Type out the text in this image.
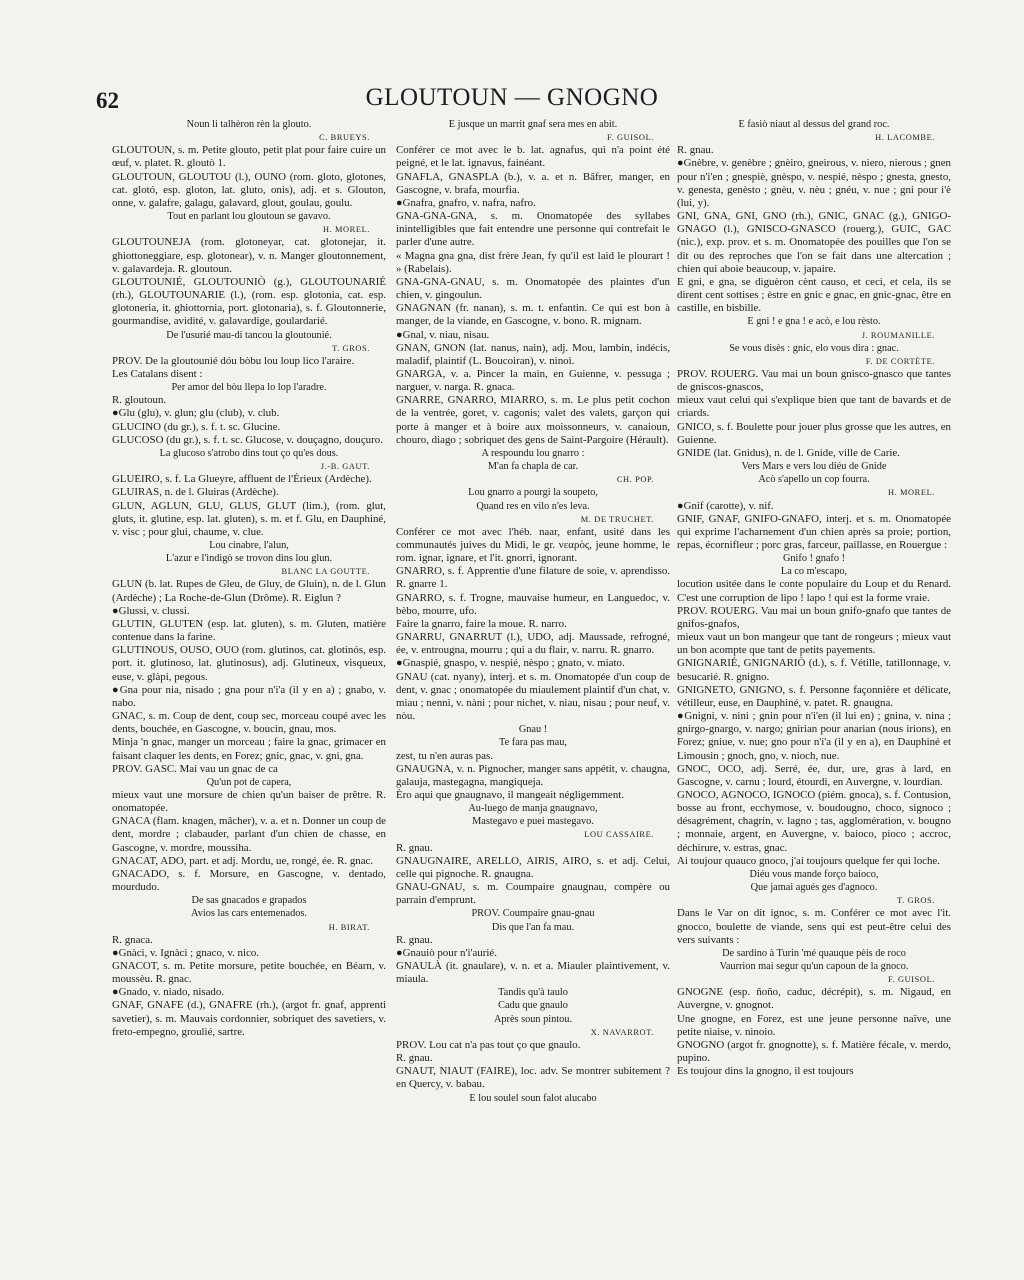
62	GLOUTOUN — GNOGNO

Noun li talhèron rèn la glouto.

C. BRUEYS.

GLOUTOUN, s. m. Petite glouto, petit plat pour faire cuire un œuf, v. platet. R. gloutò 1.

GLOUTOUN, GLOUTOU (l.), OUNO (rom. gloto, glotones, cat. glotó, esp. gloton, lat. gluto, onis), adj. et s. Glouton, onne, v. galafre, galagu, galavard, glout, goulau, goulu.

Tout en parlant lou gloutoun se gavavo.

H. MOREL.

GLOUTOUNEJA (rom. glotoneyar, cat. glotonejar, it. ghiottoneggiare, esp. glotonear), v. n. Manger gloutonnement, v. galavardeja. R. gloutoun.

GLOUTOUNIÉ, GLOUTOUNIÒ (g.), GLOUTOUNARIÉ (rh.), GLOUTOUNARIE (l.), (rom. esp. glotonia, cat. esp. glotoneria, it. ghiottornia, port. glotonaria), s. f. Gloutonnerie, gourmandise, avidité, v. galavardige, goulardarié.

De l'usurié mau-di tancou la gloutounié.

T. GROS.

PROV. De la gloutounié dóu bòbu lou loup lico l'araire.

Les Catalans disent :

Per amor del bòu llepa lo lop l'aradre.

R. gloutoun.

●Glu (glu), v. glun; glu (club), v. club.

GLUCINO (du gr.), s. f. t. sc. Glucine.

GLUCOSO (du gr.), s. f. t. sc. Glucose, v. douçagno, douçuro.

La glucoso s'atrobo dins tout ço qu'es dous.

J.-B. GAUT.

GLUEIRO, s. f. La Glueyre, affluent de l'Érieux (Ardèche).

GLUIRAS, n. de l. Gluiras (Ardèche).

GLUN, AGLUN, GLU, GLUS, GLUT (lim.), (rom. glut, gluts, it. glutine, esp. lat. gluten), s. m. et f. Glu, en Dauphiné, v. visc ; pour glui, chaume, v. clue.

Lou cinabre, l'alun,

L'azur e l'indigò se trovon dins lou glun.

BLANC LA GOUTTE.

GLUN (b. lat. Rupes de Gleu, de Gluy, de Gluin), n. de l. Glun (Ardèche) ; La Roche-de-Glun (Drôme). R. Eiglun ?

●Glussi, v. clussi.

GLUTIN, GLUTEN (esp. lat. gluten), s. m. Gluten, matière contenue dans la farine.

GLUTINOUS, OUSO, OUO (rom. glutinos, cat. glotinós, esp. port. it. glutinoso, lat. glutinosus), adj. Glutineux, visqueux, euse, v. glàpi, pegous.

●Gna pour nia, nisado ; gna pour n'i'a (il y en a) ; gnabo, v. nabo.

GNAC, s. m. Coup de dent, coup sec, morceau coupé avec les dents, bouchée, en Gascogne, v. boucin, gnau, mos.

Minja 'n gnac, manger un morceau ; faire la gnac, grimacer en faisant claquer les dents, en Forez; gnic, gnac, v. gni, gna.

PROV. GASC. Mai vau un gnac de ca

Qu'un pot de capera,

mieux vaut une morsure de chien qu'un baiser de prêtre. R. onomatopée.

GNACA (flam. knagen, mâcher), v. a. et n. Donner un coup de dent, mordre ; clabauder, parlant d'un chien de chasse, en Gascogne, v. mordre, moussiha.

GNACAT, ADO, part. et adj. Mordu, ue, rongé, ée. R. gnac.

GNACADO, s. f. Morsure, en Gascogne, v. dentado, mourdudo.

De sas gnacados e grapados

Avios las cars entemenados.

H. BIRAT.

R. gnaca.

●Gnàci, v. Ignàci ; gnaco, v. nico.

GNACOT, s. m. Petite morsure, petite bouchée, en Béarn, v. moussèu. R. gnac.

●Gnado, v. niado, nisado.

GNAF, GNAFE (d.), GNAFRE (rh.), (argot fr. gnaf, apprenti savetier), s. m. Mauvais cordonnier, sobriquet des savetiers, v. freto-empegno, groulié, sartre.

E jusque un marrit gnaf sera mes en abit.

F. GUISOL.

Conférer ce mot avec le b. lat. agnafus, qui n'a point été peigné, et le lat. ignavus, fainéant.

GNAFLA, GNASPLA (b.), v. a. et n. Bâfrer, manger, en Gascogne, v. brafa, mourfia.

●Gnafra, gnafro, v. nafra, nafro.

GNA-GNA-GNA, s. m. Onomatopée des syllabes inintelligibles que fait entendre une personne qui contrefait le parler d'une autre.

« Magna gna gna, dist frère Jean, fy qu'il est laid le plourart ! » (Rabelais).

GNA-GNA-GNAU, s. m. Onomatopée des plaintes d'un chien, v. gingoulun.

GNAGNAN (fr. nanan), s. m. t. enfantin. Ce qui est bon à manger, de la viande, en Gascogne, v. bono. R. mignam.

●Gnal, v. niau, nisau.

GNAN, GNON (lat. nanus, nain), adj. Mou, lambin, indécis, maladif, plaintif (L. Boucoiran), v. ninoi.

GNARGA, v. a. Pincer la main, en Guienne, v. pessuga ; narguer, v. narga. R. gnaca.

GNARRE, GNARRO, MIARRO, s. m. Le plus petit cochon de la ventrée, goret, v. cagonis; valet des valets, garçon qui porte à manger et à boire aux moissonneurs, v. canaioun, chouro, diago ; sobriquet des gens de Saint-Pargoire (Hérault).

A respoundu lou gnarro :

M'an fa chapla de car.

CH. POP.

Lou gnarro a pourgi la soupeto,

Quand res en vilo n'es leva.

M. DE TRUCHET.

Conférer ce mot avec l'héb. naar, enfant, usité dans les communautés juives du Midi, le gr. νεαρὸς, jeune homme, le rom. ignar, ignare, et l'it. gnorri, ignorant.

GNARRO, s. f. Apprentie d'une filature de soie, v. aprendisso. R. gnarre 1.

GNARRO, s. f. Trogne, mauvaise humeur, en Languedoc, v. bèbo, mourre, ufo.

Faire la gnarro, faire la moue. R. narro.

GNARRU, GNARRUT (l.), UDO, adj. Maussade, refrogné, ée, v. entrougna, mourru ; qui a du flair, v. narru. R. gnarro.

●Gnaspié, gnaspo, v. nespié, nèspo ; gnato, v. miato.

GNAU (cat. nyany), interj. et s. m. Onomatopée d'un coup de dent, v. gnac ; onomatopée du miaulement plaintif d'un chat, v. miau ; nenni, v. nàni ; pour nichet, v. niau, nisau ; pour neuf, v. nòu.

Gnau !

Te fara pas mau,

zest, tu n'en auras pas.

GNAUGNA, v. n. Pignocher, manger sans appétit, v. chaugna, galauja, mastegagna, mangiqueja.

Èro aqui que gnaugnavo, il mangeait négligemment.

Au-luego de manja gnaugnavo,

Mastegavo e puei mastegavo.

LOU CASSAIRE.

R. gnau.

GNAUGNAIRE, ARELLO, AIRIS, AIRO, s. et adj. Celui, celle qui pignoche. R. gnaugna.

GNAU-GNAU, s. m. Coumpaire gnaugnau, compère ou parrain d'emprunt.

PROV. Coumpaire gnau-gnau

Dis que l'an fa mau.

R. gnau.

●Gnauiò pour n'i'aurié.

GNAULÀ (it. gnaulare), v. n. et a. Miauler plaintivement, v. miaula.

Tandis qu'à taulo

Cadu que gnaulo

Après soun pintou.

X. NAVARROT.

PROV. Lou cat n'a pas tout ço que gnaulo.

R. gnau.

GNAUT, NIAUT (FAIRE), loc. adv. Se montrer subitement ? en Quercy, v. babau.

E lou soulel soun falot alucabo

E fasiò niaut al dessus del grand roc.

H. LACOMBE.

R. gnau.

●Gnèbre, v. genèbre ; gnèiro, gneirous, v. niero, nierous ; gnen pour n'i'en ; gnespiè, gnèspo, v. nespié, nèspo ; gnesta, gnesto, v. genesta, genèsto ; gnèu, v. nèu ; gnéu, v. nue ; gni pour i'è (lui, y).

GNI, GNA, GNI, GNO (rh.), GNIC, GNAC (g.), GNIGO-GNAGO (l.), GNISCO-GNASCO (rouerg.), GUIC, GAC (nic.), exp. prov. et s. m. Onomatopée des pouilles que l'on se dit ou des reproches que l'on se fait dans une altercation ; chien qui aboie beaucoup, v. japaire.

E gni, e gna, se diguèron cènt causo, et ceci, et cela, ils se dirent cent sottises ; èstre en gnic e gnac, en gnic-gnac, être en castille, en bisbille.

E gni ! e gna ! e acò, e lou rèsto.

J. ROUMANILLE.

Se vous disès : gnic, elo vous dira : gnac.

F. DE CORTÈTE.

PROV. ROUERG. Vau mai un boun gnisco-gnasco que tantes de gniscos-gnascos,

mieux vaut celui qui s'explique bien que tant de bavards et de criards.

GNICO, s. f. Boulette pour jouer plus grosse que les autres, en Guienne.

GNIDE (lat. Gnidus), n. de l. Gnide, ville de Carie.

Vers Mars e vers lou diéu de Gnide

Acò s'apello un cop fourra.

H. MOREL.

●Gnif (carotte), v. nif.

GNIF, GNAF, GNIFO-GNAFO, interj. et s. m. Onomatopée qui exprime l'acharnement d'un chien après sa proie; portion, repas, écornifleur ; porc gras, farceur, paillasse, en Rouergue :

Gnifo ! gnafo !

La co m'escapo,

locution usitée dans le conte populaire du Loup et du Renard. C'est une corruption de lipo ! lapo ! qui est la forme vraie.

PROV. ROUERG. Vau mai un boun gnifo-gnafo que tantes de gnifos-gnafos,

mieux vaut un bon mangeur que tant de rongeurs ; mieux vaut un bon acompte que tant de petits payements.

GNIGNARIÉ, GNIGNARIÒ (d.), s. f. Vétille, tatillonnage, v. besucarié. R. gnigno.

GNIGNETO, GNIGNO, s. f. Personne façonnière et délicate, vétilleur, euse, en Dauphiné, v. patet. R. gnaugna.

●Gnigni, v. nini ; gnin pour n'i'en (il lui en) ; gnina, v. nina ; gnirgo-gnargo, v. nargo; gnirian pour anarian (nous irions), en Forez; gniue, v. nue; gno pour n'i'a (il y en a), en Dauphiné et Limousin ; gnoch, gno, v. nioch, nue.

GNOC, OCO, adj. Serré, ée, dur, ure, gras à lard, en Gascogne, v. carnu ; lourd, étourdi, en Auvergne, v. lourdian.

GNOCO, AGNOCO, IGNOCO (piém. gnoca), s. f. Contusion, bosse au front, ecchymose, v. boudougno, choco, signoco ; désagrément, chagrin, v. lagno ; tas, agglomération, v. bougno ; monnaie, argent, en Auvergne, v. baioco, pioco ; accroc, déchirure, v. estras, gnac.

Ai toujour quauco gnoco, j'ai toujours quelque fer qui loche.

Diéu vous mande forço baioco,

Que jamai agués ges d'agnoco.

T. GROS.

Dans le Var on dit ignoc, s. m. Conférer ce mot avec l'it. gnocco, boulette de viande, sens qui est peut-être celui des vers suivants :

De sardino à Turin 'mé quauque pèis de roco

Vaurrion mai segur qu'un capoun de la gnoco.

F. GUISOL.

GNOGNE (esp. ñoño, caduc, décrépit), s. m. Nigaud, en Auvergne, v. gnognot.

Une gnogne, en Forez, est une jeune personne naïve, une petite niaise, v. ninoio.

GNOGNO (argot fr. gnognotte), s. f. Matière fécale, v. merdo, pupino.

Es toujour dins la gnogno, il est toujours
